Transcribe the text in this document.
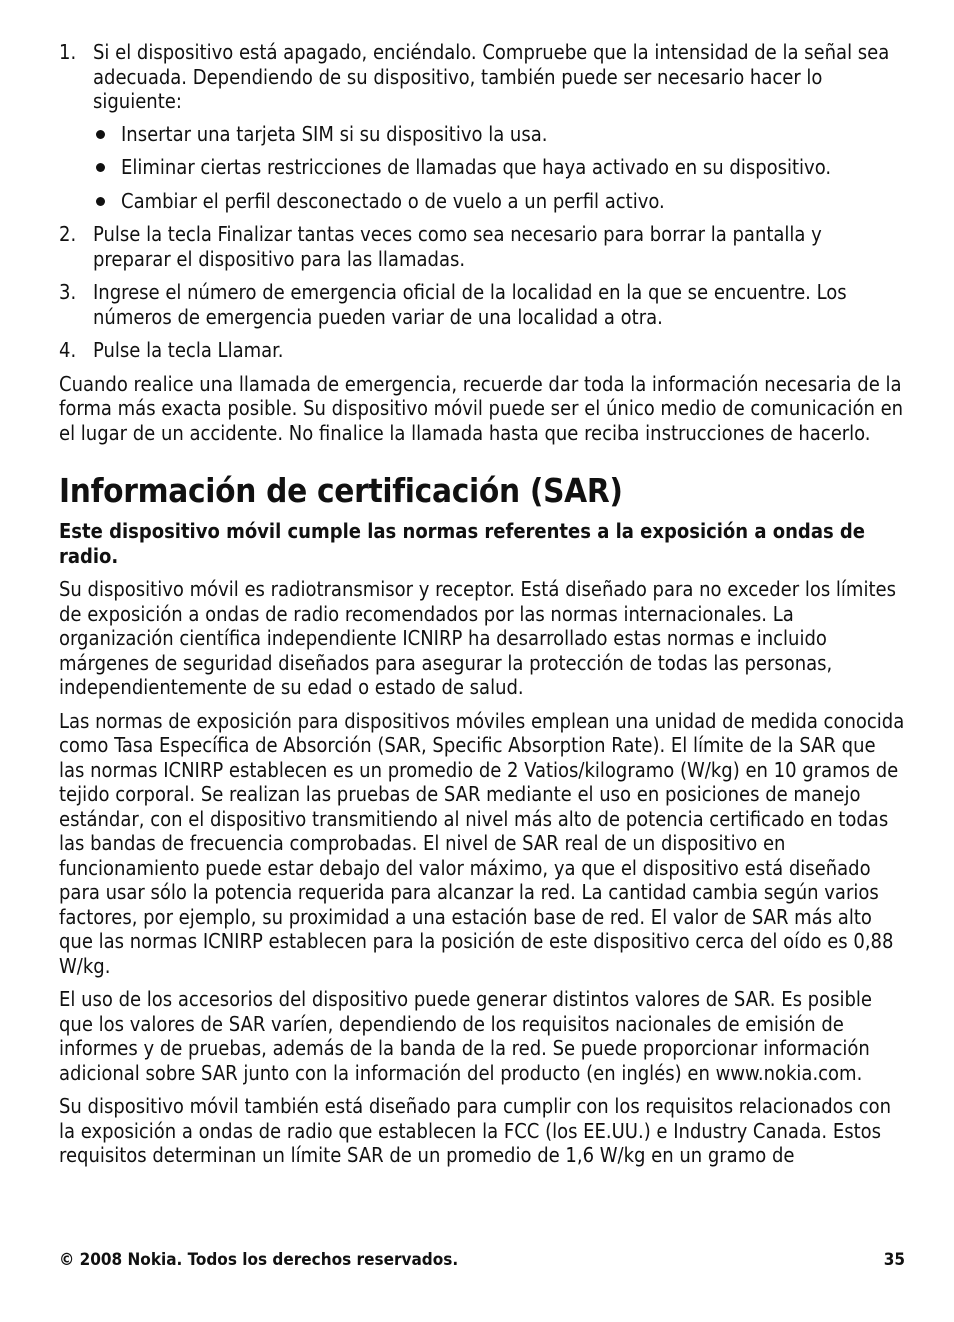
1. Si el dispositivo está apagado, enciéndalo. Compruebe que la intensidad de la señal sea adecuada. Dependiendo de su dispositivo, también puede ser necesario hacer lo siguiente:
Insertar una tarjeta SIM si su dispositivo la usa.
Eliminar ciertas restricciones de llamadas que haya activado en su dispositivo.
Cambiar el perfil desconectado o de vuelo a un perfil activo.
2. Pulse la tecla Finalizar tantas veces como sea necesario para borrar la pantalla y preparar el dispositivo para las llamadas.
3. Ingrese el número de emergencia oficial de la localidad en la que se encuentre. Los números de emergencia pueden variar de una localidad a otra.
4. Pulse la tecla Llamar.

Cuando realice una llamada de emergencia, recuerde dar toda la información necesaria de la forma más exacta posible. Su dispositivo móvil puede ser el único medio de comunicación en el lugar de un accidente. No finalice la llamada hasta que reciba instrucciones de hacerlo.

Información de certificación (SAR)

Este dispositivo móvil cumple las normas referentes a la exposición a ondas de radio.

Su dispositivo móvil es radiotransmisor y receptor. Está diseñado para no exceder los límites de exposición a ondas de radio recomendados por las normas internacionales. La organización científica independiente ICNIRP ha desarrollado estas normas e incluido márgenes de seguridad diseñados para asegurar la protección de todas las personas, independientemente de su edad o estado de salud.

Las normas de exposición para dispositivos móviles emplean una unidad de medida conocida como Tasa Específica de Absorción (SAR, Specific Absorption Rate). El límite de la SAR que las normas ICNIRP establecen es un promedio de 2 Vatios/kilogramo (W/kg) en 10 gramos de tejido corporal. Se realizan las pruebas de SAR mediante el uso en posiciones de manejo estándar, con el dispositivo transmitiendo al nivel más alto de potencia certificado en todas las bandas de frecuencia comprobadas. El nivel de SAR real de un dispositivo en funcionamiento puede estar debajo del valor máximo, ya que el dispositivo está diseñado para usar sólo la potencia requerida para alcanzar la red. La cantidad cambia según varios factores, por ejemplo, su proximidad a una estación base de red. El valor de SAR más alto que las normas ICNIRP establecen para la posición de este dispositivo cerca del oído es 0,88 W/kg.

El uso de los accesorios del dispositivo puede generar distintos valores de SAR. Es posible que los valores de SAR varíen, dependiendo de los requisitos nacionales de emisión de informes y de pruebas, además de la banda de la red. Se puede proporcionar información adicional sobre SAR junto con la información del producto (en inglés) en www.nokia.com.

Su dispositivo móvil también está diseñado para cumplir con los requisitos relacionados con la exposición a ondas de radio que establecen la FCC (los EE.UU.) e Industry Canada. Estos requisitos determinan un límite SAR de un promedio de 1,6 W/kg en un gramo de

© 2008 Nokia. Todos los derechos reservados.	35
